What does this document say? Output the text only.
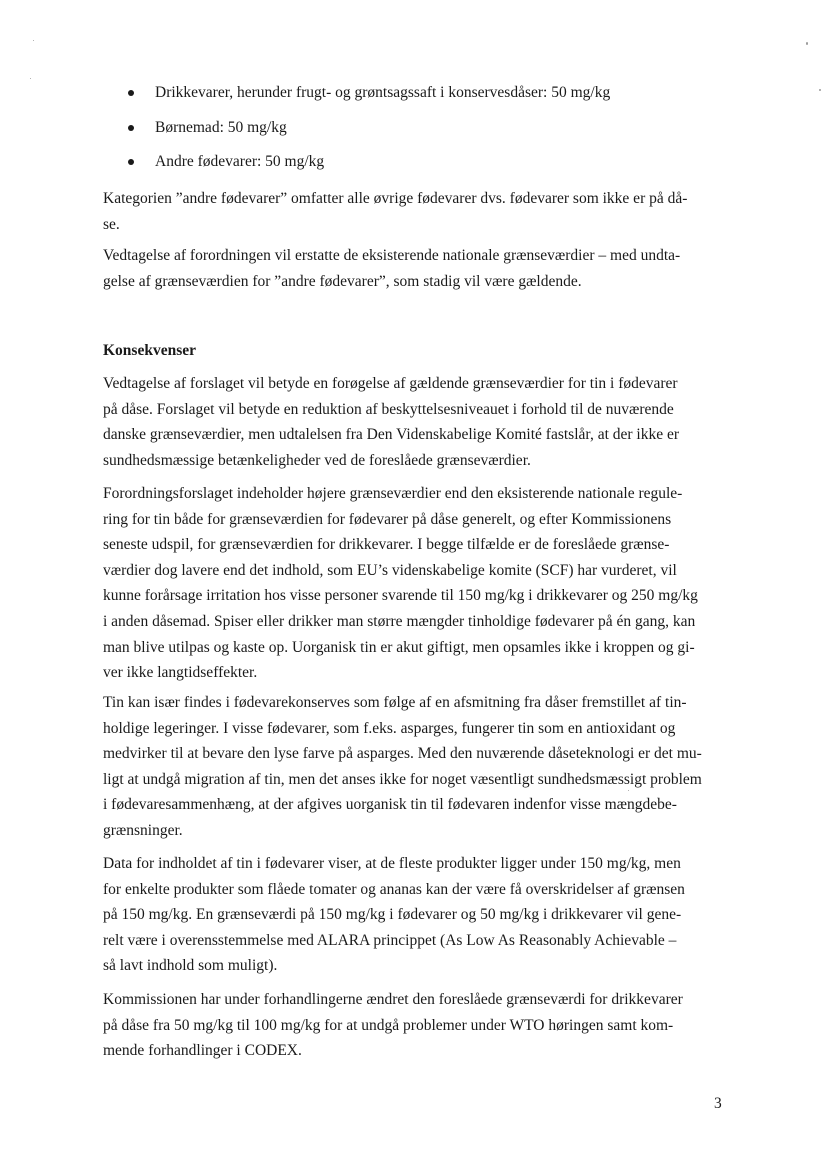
Drikkevarer, herunder frugt- og grøntsagssaft i konservesdåser: 50 mg/kg
Børnemad: 50 mg/kg
Andre fødevarer: 50 mg/kg

Kategorien ”andre fødevarer” omfatter alle øvrige fødevarer dvs. fødevarer som ikke er på då-
se.

Vedtagelse af forordningen vil erstatte de eksisterende nationale grænseværdier – med undta-
gelse af grænseværdien for ”andre fødevarer”, som stadig vil være gældende.

Konsekvenser

Vedtagelse af forslaget vil betyde en forøgelse af gældende grænseværdier for tin i fødevarer
på dåse. Forslaget vil betyde en reduktion af beskyttelsesniveauet i forhold til de nuværende
danske grænseværdier, men udtalelsen fra Den Videnskabelige Komité fastslår, at der ikke er
sundhedsmæssige betænkeligheder ved de foreslåede grænseværdier.

Forordningsforslaget indeholder højere grænseværdier end den eksisterende nationale regule-
ring for tin både for grænseværdien for fødevarer på dåse generelt, og efter Kommissionens
seneste udspil, for grænseværdien for drikkevarer. I begge tilfælde er de foreslåede grænse-
værdier dog lavere end det indhold, som EU’s videnskabelige komite (SCF) har vurderet, vil
kunne forårsage irritation hos visse personer svarende til 150 mg/kg i drikkevarer og 250 mg/kg
i anden dåsemad. Spiser eller drikker man større mængder tinholdige fødevarer på én gang, kan
man blive utilpas og kaste op. Uorganisk tin er akut giftigt, men opsamles ikke i kroppen og gi-
ver ikke langtidseffekter.

Tin kan især findes i fødevarekonserves som følge af en afsmitning fra dåser fremstillet af tin-
holdige legeringer. I visse fødevarer, som f.eks. asparges, fungerer tin som en antioxidant og
medvirker til at bevare den lyse farve på asparges. Med den nuværende dåseteknologi er det mu-
ligt at undgå migration af tin, men det anses ikke for noget væsentligt sundhedsmæssigt problem
i fødevaresammenhæng, at der afgives uorganisk tin til fødevaren indenfor visse mængdebe-
grænsninger.

Data for indholdet af tin i fødevarer viser, at de fleste produkter ligger under 150 mg/kg, men
for enkelte produkter som flåede tomater og ananas kan der være få overskridelser af grænsen
på 150 mg/kg. En grænseværdi på 150 mg/kg i fødevarer og 50 mg/kg i drikkevarer vil gene-
relt være i overensstemmelse med ALARA princippet (As Low As Reasonably Achievable –
så lavt indhold som muligt).

Kommissionen har under forhandlingerne ændret den foreslåede grænseværdi for drikkevarer
på dåse fra 50 mg/kg til 100 mg/kg for at undgå problemer under WTO høringen samt kom-
mende forhandlinger i CODEX.

3
